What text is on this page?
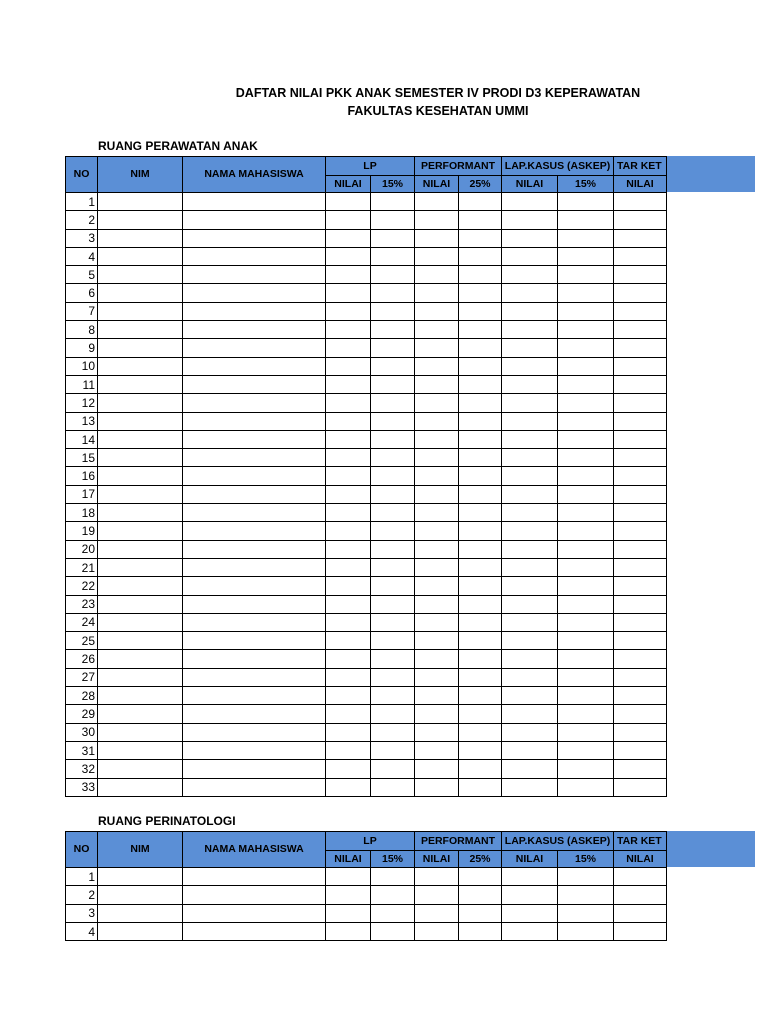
DAFTAR NILAI PKK ANAK SEMESTER IV PRODI D3 KEPERAWATAN
FAKULTAS KESEHATAN UMMI
RUANG PERAWATAN ANAK
NO	NIM	NAMA MAHASISWA	LP		PERFORMANT		LAP.KASUS (ASKEP)		TAR KET

			NILAI	15%	NILAI	25%	NILAI	15%	NILAI
1									
2									
3									
4									
5									
6									
7									
8									
9									
10									
11									
12									
13									
14									
15									
16									
17									
18									
19									
20									
21									
22									
23									
24									
25									
26									
27									
28									
29									
30									
31									
32									
33									
RUANG PERINATOLOGI
NO	NIM	NAMA MAHASISWA	LP		PERFORMANT		LAP.KASUS (ASKEP)		TAR KET

			NILAI	15%	NILAI	25%	NILAI	15%	NILAI
1									
2									
3									
4									
